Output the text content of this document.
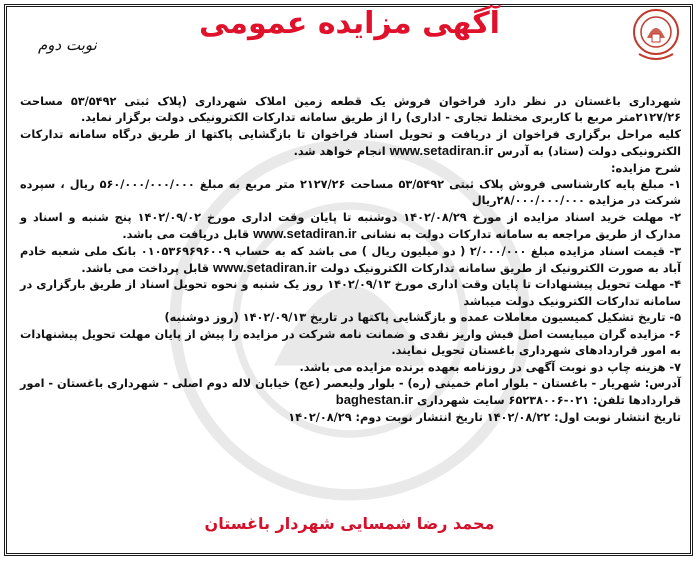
آگهی مزایده عمومی
نوبت دوم

شهرداری باغستان در نظر دارد فراخوان فروش یک قطعه زمین املاک شهرداری (پلاک ثبتی ۵۳/۵۴۹۲ مساحت ۲۱۲۷/۲۶متر مربع با کاربری مختلط تجاری - اداری) را از طریق سامانه تدارکات الکترونیکی دولت برگزار نماید.

کلیه مراحل برگزاری فراخوان از دریافت و تحویل اسناد فراخوان تا بازگشایی پاکتها از طریق درگاه سامانه تدارکات الکترونیکی دولت (ستاد) به آدرس www.setadiran.ir انجام خواهد شد.

شرح مزایده:

۱- مبلغ پایه کارشناسی فروش پلاک ثبتی ۵۳/۵۴۹۲ مساحت ۲۱۲۷/۲۶ متر مربع به مبلغ ۵۶۰/۰۰۰/۰۰۰/۰۰۰ ریال ، سپرده شرکت در مزایده ۲۸/۰۰۰/۰۰۰/۰۰۰ریال

۲- مهلت خرید اسناد مزایده از مورخ ۱۴۰۲/۰۸/۲۹ دوشنبه تا پایان وقت اداری مورخ ۱۴۰۲/۰۹/۰۲ پنج شنبه و اسناد و مدارک از طریق مراجعه به سامانه تدارکات دولت به نشانی www.setadiran.ir قابل دریافت می باشد.

۳- قیمت اسناد مزایده مبلغ ۲/۰۰۰/۰۰۰ ( دو میلیون ریال ) می باشد که به حساب ۰۱۰۵۳۶۹۶۹۶۰۰۹ بانک ملی شعبه خادم آباد به صورت الکترونیک از طریق سامانه تدارکات الکترونیک دولت www.setadiran.ir قابل پرداخت می باشد.

۴- مهلت تحویل پیشنهادات تا پایان وقت اداری مورخ ۱۴۰۲/۰۹/۱۳ روز یک شنبه و نحوه تحویل اسناد از طریق بارگزاری در سامانه تدارکات الکترونیک دولت میباشد

۵- تاریخ تشکیل کمیسیون معاملات عمده و بازگشایی پاکتها در تاریخ ۱۴۰۲/۰۹/۱۳ (روز دوشنبه)

۶- مزایده گران میبایست اصل فیش واریز نقدی و ضمانت نامه شرکت در مزایده را پیش از پایان مهلت تحویل پیشنهادات به امور قراردادهای شهرداری باغستان تحویل نمایند.

۷- هزینه چاپ دو نوبت آگهی در روزنامه بعهده برنده مزایده می باشد.

آدرس: شهریار - باغستان - بلوار امام خمینی (ره) - بلوار ولیعصر (عج) خیابان لاله دوم اصلی - شهرداری باغستان - امور قراردادها تلفن: ۰۲۱-۶۵۲۳۸۰۰۶ سایت شهرداری baghestan.ir

تاریخ انتشار نوبت اول: ۱۴۰۲/۰۸/۲۲ تاریخ انتشار نوبت دوم: ۱۴۰۲/۰۸/۲۹

محمد رضا شمسایی شهردار باغستان
